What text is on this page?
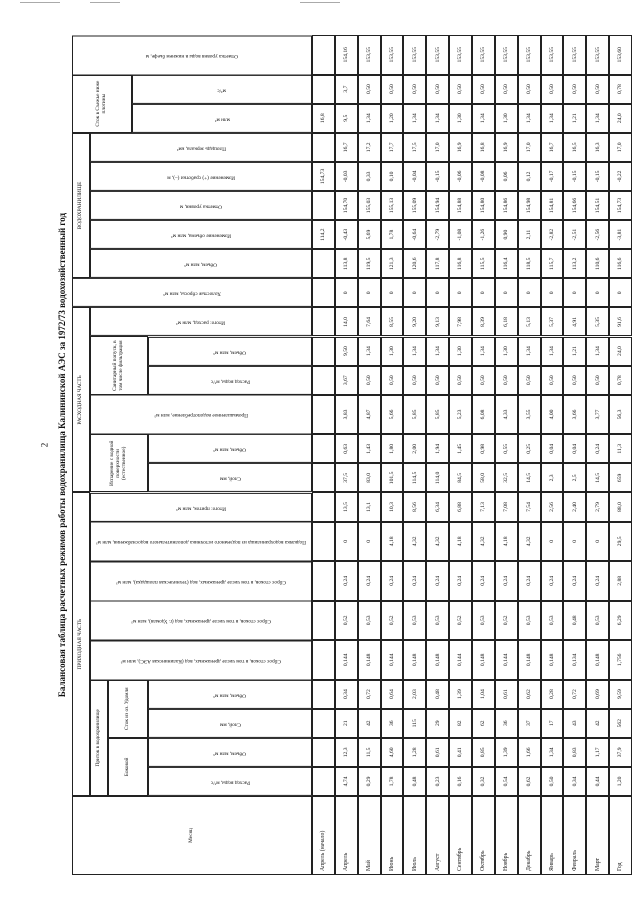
2 Балансовая таблица расчетных режимов работы водохранилища Калининской АЭС за 1972/73 водохозяйственный год
Месяц
ПРИХОДНАЯ ЧАСТЬ
Приток в водохранилище
Боковой
Сток из оз. Удомля
Расход воды, м³/с
Объем, млн м³
Слой, мм
Объем, млн м³
Сброс стоков, в том числе дренажных, вод (Калининская АЭС), млн м³
Сброс стоков, в том числе дренажных, вод (г. Удомля), млн м³
Сброс стоков, в том числе дренажных, вод (техническая площадка), млн м³
Подкачка водохранилища из подземного источника дополнительного водоснабжения, млн м³
Итого: приток, млн м³
РАСХОДНАЯ ЧАСТЬ
Испарение с водной поверхности (естественное)	Слой, мм
Объем, млн м³
Промышленное водопотребление, млн м³
Санитарный попуск, в том числе фильтрация	Расход воды, м³/с
Объем, млн м³
Итого: расход, млн м³
Холостые сбросы, млн м³
ВОДОХРАНИЛИЩЕ
Объем, млн м³
Изменение объема, млн м³
Отметка уровня, м
Изменение (+) сработки (–), м
Площадь зеркала, км²
Сток в Съежье ниже плотины
млн м³
м³/с
Отметка уровня воды в нижнем бьефе, м
Апрель (начало)
114,2
154,73
16,8
Апрель
4,74
12,3
21
0,34
0,144
0,52
0,24
0
13,5
37,5
0,63
3,83
3,67
9,50
14,0
0
113,8
-0,43
154,70
-0,03
16,7
9,5
3,7
154,16
Май
0,29
11,5
42
0,72
0,148
0,53
0,24
0
13,1
83,0
1,43
4,87
0,50
1,34
7,64
0
119,5
5,69
155,03
0,33
17,2
1,34
0,50
153,55
Июнь
1,78
4,60
36
0,64
0,144
0,52
0,24
4,18
10,3
101,5
1,80
5,66
0,50
1,30
8,55
0
121,3
1,78
155,13
0,10
17,7
1,20
0,50
153,55
Июль
0,48
1,28
115
2,03
0,148
0,53
0,24
4,32
8,56
114,5
2,00
5,85
0,50
1,34
9,20
0
120,6
-0,64
155,09
-0,04
17,5
1,34
0,50
153,55
Август
0,23
0,61
29
0,48
0,148
0,53
0,24
4,32
6,34
114,0
1,94
5,85
0,50
1,34
9,13
0
117,8
-2,79
154,94
-0,15
17,0
1,34
0,50
153,55
Сентябрь
0,16
0,41
82
1,39
0,144
0,52
0,24
4,18
6,88
84,5
1,45
5,23
0,50
1,30
7,98
0
116,8
-1,08
154,88
-0,06
16,9
1,30
0,50
153,55
Октябрь
0,32
0,85
62
1,04
0,148
0,53
0,24
4,32
7,13
58,0
0,98
6,08
0,50
1,34
8,39
0
115,5
-1,26
154,80
-0,08
16,8
1,34
0,50
153,55
Ноябрь
0,54
1,39
36
0,61
0,144
0,52
0,24
4,18
7,08
32,5
0,55
4,33
0,50
1,30
6,18
0
116,4
0,90
154,86
0,06
16,9
1,30
0,50
153,55
Декабрь
0,62
1,66
37
0,62
0,148
0,53
0,24
4,32
7,54
14,5
0,25
3,55
0,50
1,34
5,13
0
118,5
2,11
154,98
0,12
17,0
1,34
0,50
153,55
Январь
0,50
1,34
17
0,28
0,148
0,53
0,24
0
2,56
2,3
0,04
4,00
0,50
1,34
5,37
0
115,7
-2,82
154,81
-0,17
16,7
1,34
0,50
153,55
Февраль
0,34
0,83
43
0,72
0,134
0,48
0,24
0
2,40
2,5
0,04
3,66
0,50
1,21
4,91
0
113,2
-2,51
154,66
-0,15
16,5
1,21
0,50
153,55
Март
0,44
1,17
42
0,69
0,148
0,53
0,24
0
2,79
14,5
0,24
3,77
0,50
1,34
5,35
0
110,6
-2,56
154,51
-0,15
16,3
1,34
0,50
153,55
Год
1,20
37,9
562
9,59
1,756
6,29
2,88
29,5
88,0
659
11,3
56,3
0,78
24,0
91,6
0
116,6
-3,81
154,73
-0,22
17,0
24,0
0,78
153,60
